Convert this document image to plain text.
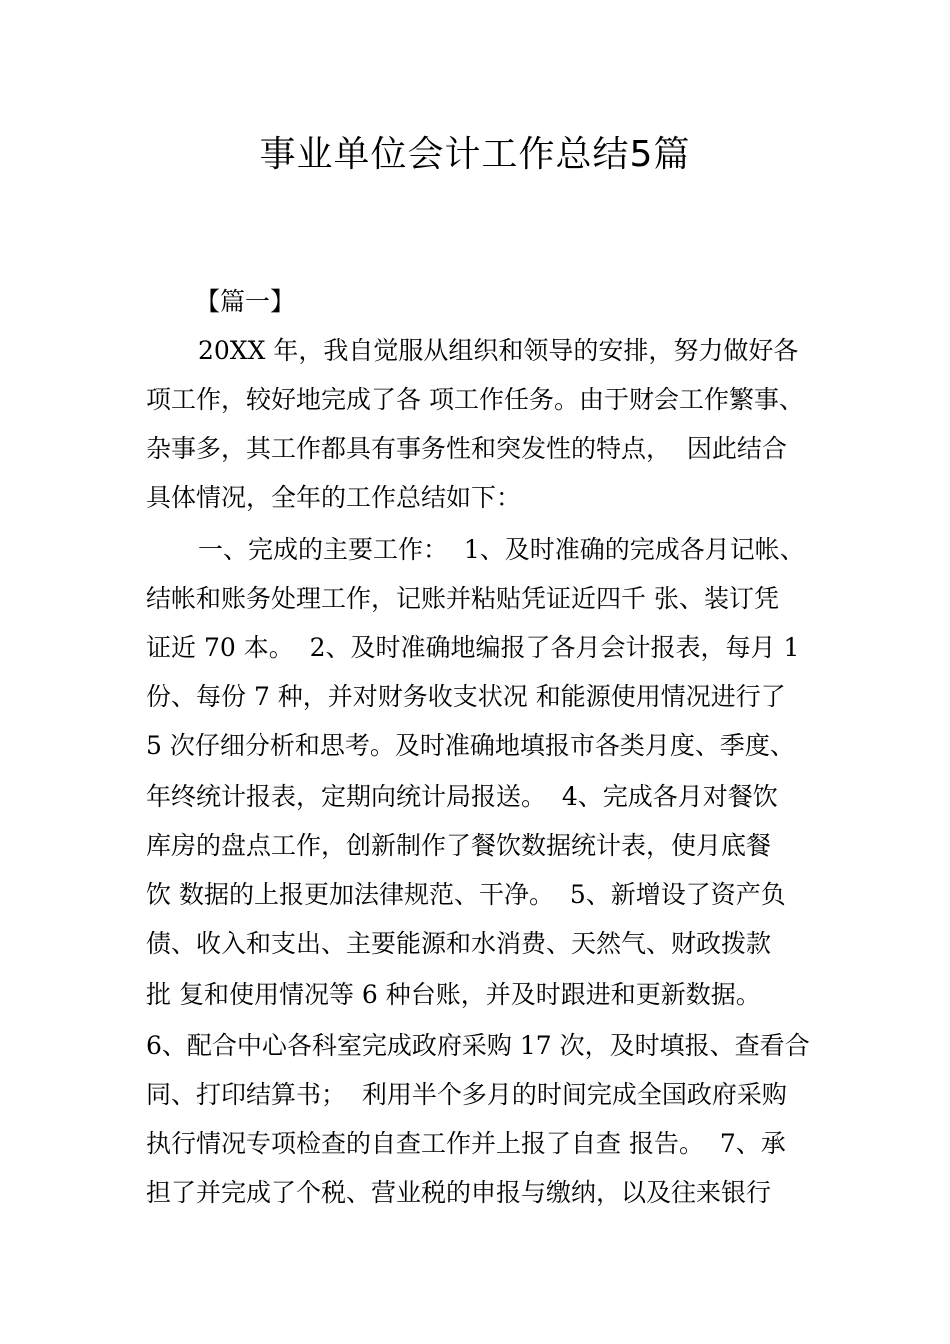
事业单位会计工作总结5篇

【篇一】

20XX 年，我自觉服从组织和领导的安排，努力做好各

项工作，较好地完成了各 项工作任务。由于财会工作繁事、

杂事多，其工作都具有事务性和突发性的特点，  因此结合

具体情况，全年的工作总结如下：

一、完成的主要工作：  1、及时准确的完成各月记帐、

结帐和账务处理工作，记账并粘贴凭证近四千 张、装订凭

证近 70 本。  2、及时准确地编报了各月会计报表，每月 1

份、每份 7 种，并对财务收支状况 和能源使用情况进行了

5 次仔细分析和思考。及时准确地填报市各类月度、季度、

年终统计报表，定期向统计局报送。  4、完成各月对餐饮

库房的盘点工作，创新制作了餐饮数据统计表，使月底餐

饮 数据的上报更加法律规范、干净。  5、新增设了资产负

债、收入和支出、主要能源和水消费、天然气、财政拨款

批 复和使用情况等 6 种台账，并及时跟进和更新数据。

6、配合中心各科室完成政府采购 17 次，及时填报、查看合

同、打印结算书；  利用半个多月的时间完成全国政府采购

执行情况专项检查的自查工作并上报了自查 报告。  7、承

担了并完成了个税、营业税的申报与缴纳，以及往来银行
